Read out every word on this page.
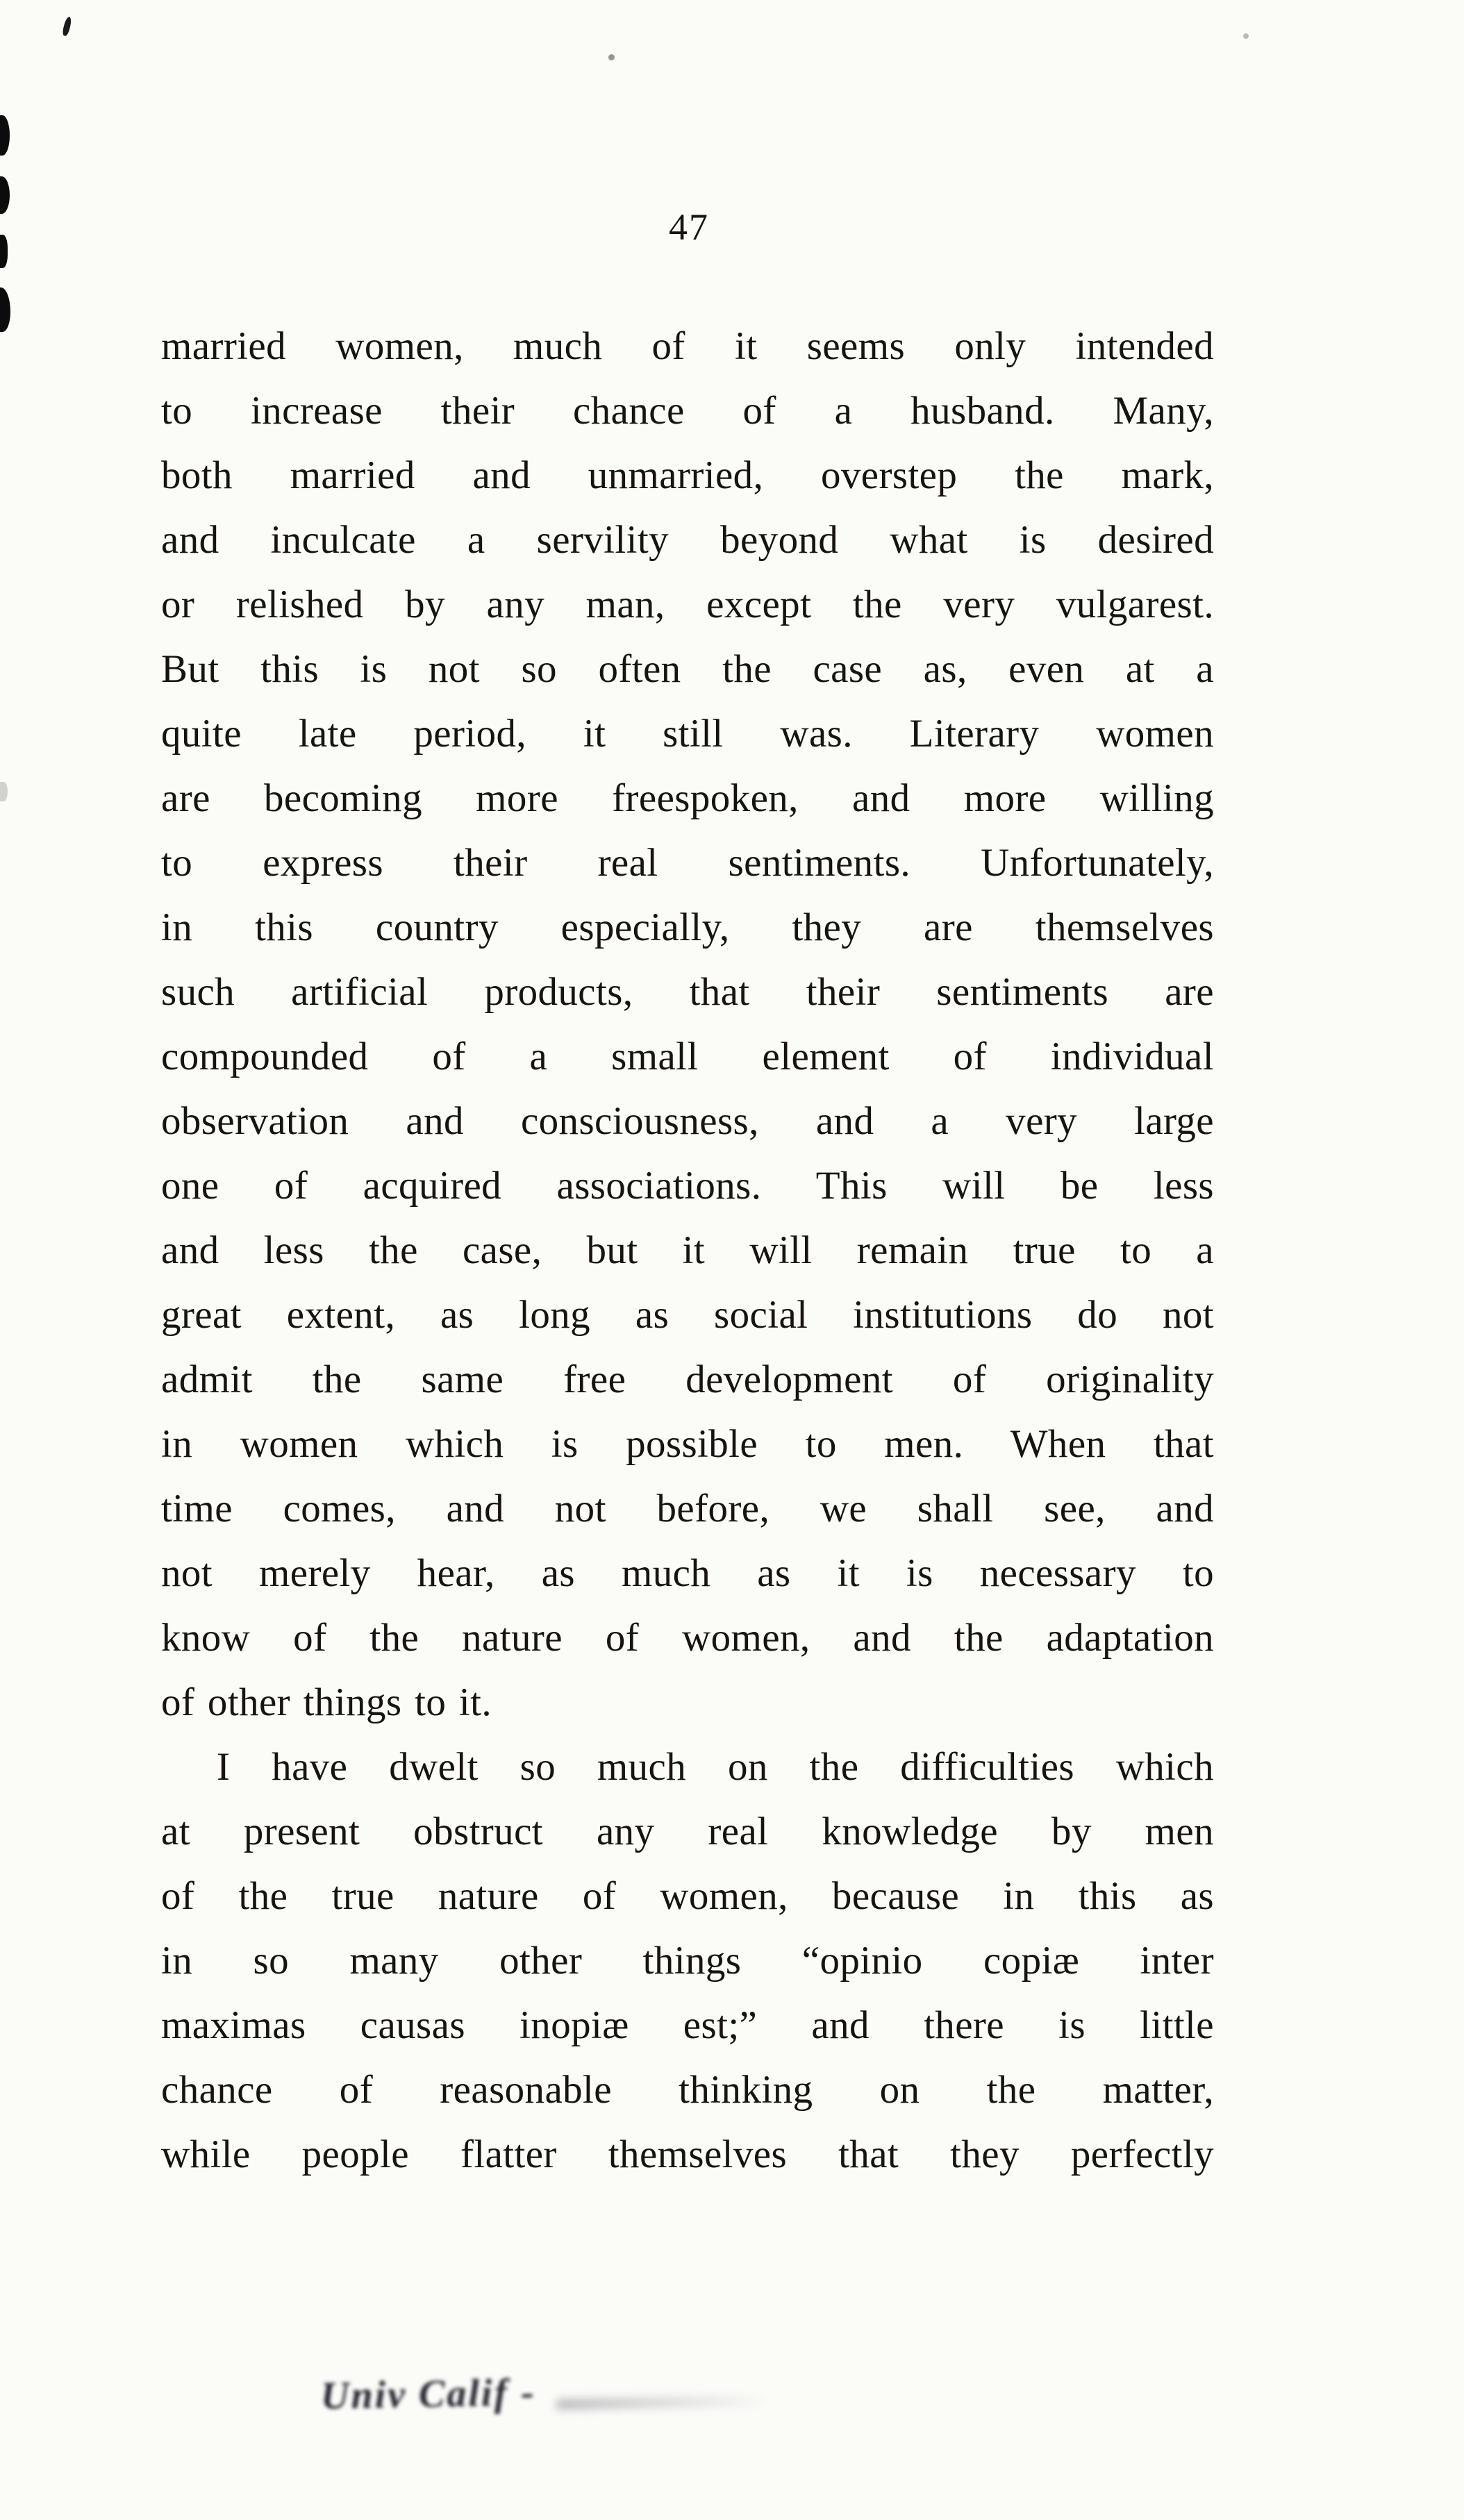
47
married women, much of it seems only intended
to increase their chance of a husband. Many,
both married and unmarried, overstep the mark,
and inculcate a servility beyond what is desired
or relished by any man, except the very vulgarest.
But this is not so often the case as, even at a
quite late period, it still was. Literary women
are becoming more freespoken, and more willing
to express their real sentiments. Unfortunately,
in this country especially, they are themselves
such artificial products, that their sentiments are
compounded of a small element of individual
observation and consciousness, and a very large
one of acquired associations. This will be less
and less the case, but it will remain true to a
great extent, as long as social institutions do not
admit the same free development of originality
in women which is possible to men. When that
time comes, and not before, we shall see, and
not merely hear, as much as it is necessary to
know of the nature of women, and the adaptation
of other things to it.
I have dwelt so much on the difficulties which
at present obstruct any real knowledge by men
of the true nature of women, because in this as
in so many other things “opinio copiæ inter
maximas causas inopiæ est;” and there is little
chance of reasonable thinking on the matter,
while people flatter themselves that they perfectly
Univ Calif -
